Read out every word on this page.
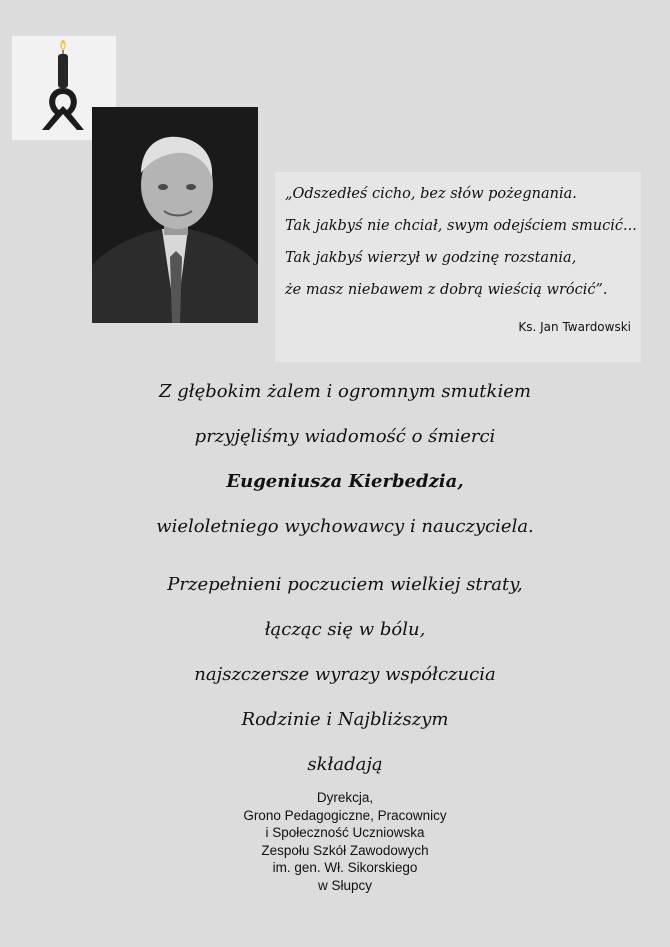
„Odszedłeś cicho, bez słów pożegnania.
Tak jakbyś nie chciał, swym odejściem smucić...
Tak jakbyś wierzył w godzinę rozstania,
że masz niebawem z dobrą wieścią wrócić”.
Ks. Jan Twardowski
Z głębokim żalem i ogromnym smutkiem
przyjęliśmy wiadomość o śmierci
Eugeniusza Kierbedzia,
wieloletniego wychowawcy i nauczyciela.
Przepełnieni poczuciem wielkiej straty,
łącząc się w bólu,
najszczersze wyrazy współczucia
Rodzinie i Najbliższym
składają
Dyrekcja,
Grono Pedagogiczne, Pracownicy
i Społeczność Uczniowska
Zespołu Szkół Zawodowych
im. gen. Wł. Sikorskiego
w Słupcy
